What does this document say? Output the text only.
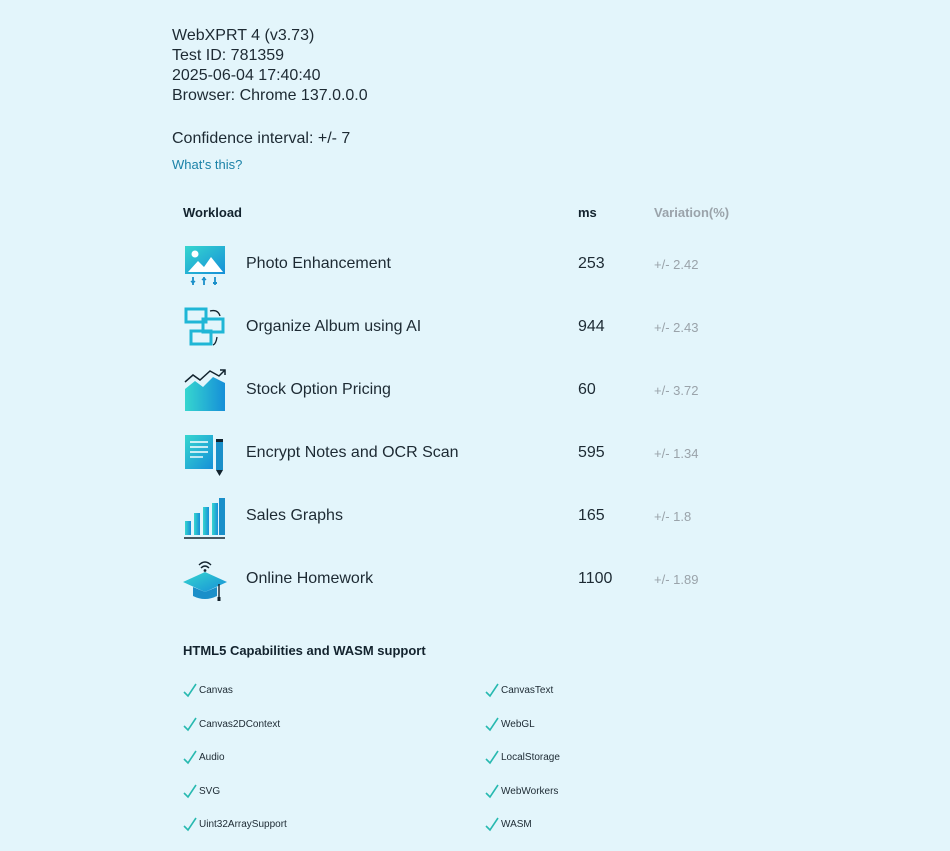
WebXPRT 4 (v3.73)
Test ID: 781359
2025-06-04 17:40:40
Browser: Chrome 137.0.0.0
Confidence interval: +/- 7
What's this?
Workload	ms	Variation(%)
Photo Enhancement	253	+/- 2.42
Organize Album using AI	944	+/- 2.43
Stock Option Pricing	60	+/- 3.72
Encrypt Notes and OCR Scan	595	+/- 1.34
Sales Graphs	165	+/- 1.8
Online Homework	1100	+/- 1.89
HTML5 Capabilities and WASM support
Canvas	CanvasText
Canvas2DContext	WebGL
Audio	LocalStorage
SVG	WebWorkers
Uint32ArraySupport	WASM
